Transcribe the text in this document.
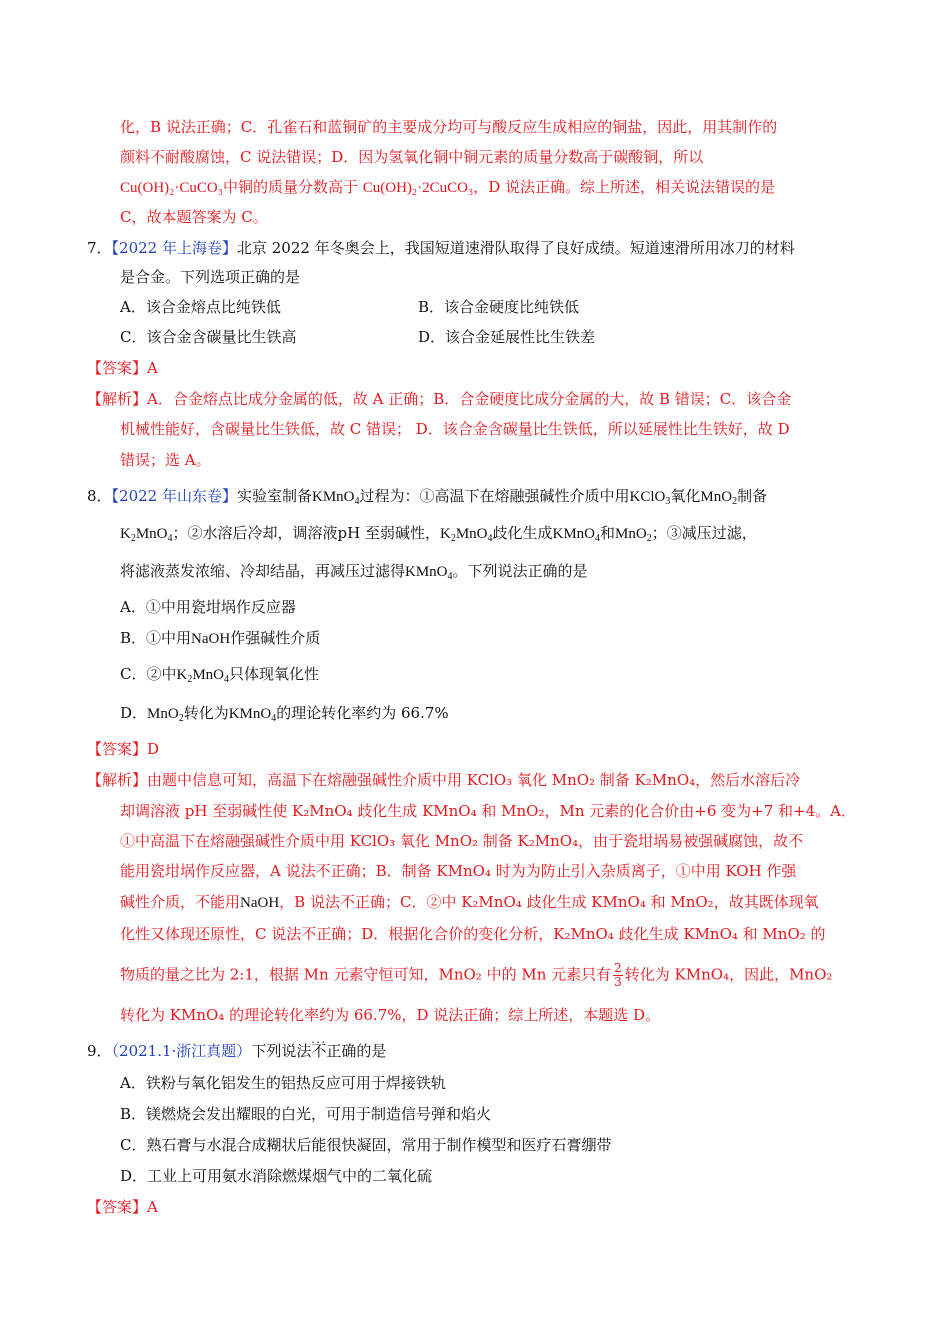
化，B 说法正确；C．孔雀石和蓝铜矿的主要成分均可与酸反应生成相应的铜盐，因此，用其制作的
颜料不耐酸腐蚀，C 说法错误；D．因为氢氧化铜中铜元素的质量分数高于碳酸铜，所以
Cu(OH)₂·CuCO₃中铜的质量分数高于 Cu(OH)₂·2CuCO₃，D 说法正确。综上所述，相关说法错误的是
C，故本题答案为 C。
7．【2022 年上海卷】北京 2022 年冬奥会上，我国短道速滑队取得了良好成绩。短道速滑所用冰刀的材料
是合金。下列选项正确的是
A．该合金熔点比纯铁低	B．该合金硬度比纯铁低
C．该合金含碳量比生铁高	D．该合金延展性比生铁差
【答案】A
【解析】A．合金熔点比成分金属的低，故 A 正确；B．合金硬度比成分金属的大，故 B 错误；C．该合金
机械性能好，含碳量比生铁低，故 C 错误； D．该合金含碳量比生铁低，所以延展性比生铁好，故 D
错误；选 A。
8．【2022 年山东卷】实验室制备KMnO$_4$过程为：①高温下在熔融强碱性介质中用KClO$_3$氧化MnO$_2$制备
$K_2MnO_4$；②水溶后冷却，调溶液pH 至弱碱性，$K_2MnO_4$歧化生成KMnO$_4$和MnO$_2$；③减压过滤，
将滤液蒸发浓缩、冷却结晶，再减压过滤得KMnO$_4$。下列说法正确的是
A．①中用瓷坩埚作反应器
B．①中用NaOH作强碱性介质
C．②中$K_2MnO_4$只体现氧化性
D．MnO$_2$转化为KMnO$_4$的理论转化率约为 66.7%
【答案】D
【解析】由题中信息可知，高温下在熔融强碱性介质中用 KClO₃ 氧化 MnO₂ 制备 K₂MnO₄，然后水溶后冷
却调溶液 pH 至弱碱性使 K₂MnO₄ 歧化生成 KMnO₄ 和 MnO₂，Mn 元素的化合价由+6 变为+7 和+4。A．
①中高温下在熔融强碱性介质中用 KClO₃ 氧化 MnO₂ 制备 K₂MnO₄，由于瓷坩埚易被强碱腐蚀，故不
能用瓷坩埚作反应器，A 说法不正确；B．制备 KMnO₄ 时为为防止引入杂质离子，①中用 KOH 作强
碱性介质，不能用NaOH，B 说法不正确；C．②中 K₂MnO₄ 歧化生成 KMnO₄ 和 MnO₂，故其既体现氧
化性又体现还原性，C 说法不正确；D．根据化合价的变化分析，K₂MnO₄ 歧化生成 KMnO₄ 和 MnO₂ 的
物质的量之比为 2:1，根据 Mn 元素守恒可知，MnO₂ 中的 Mn 元素只有 $\frac{2}{3}$ 转化为 KMnO₄，因此，MnO₂
转化为 KMnO₄ 的理论转化率约为 66.7%，D 说法正确；综上所述，本题选 D。
9．（2021.1·浙江真题）下列说法· · · 不正确的是
A．铁粉与氧化铝发生的铝热反应可用于焊接铁轨
B．镁燃烧会发出耀眼的白光，可用于制造信号弹和焰火
C．熟石膏与水混合成糊状后能很快凝固，常用于制作模型和医疗石膏绷带
D．工业上可用氨水消除燃煤烟气中的二氧化硫
【答案】A
